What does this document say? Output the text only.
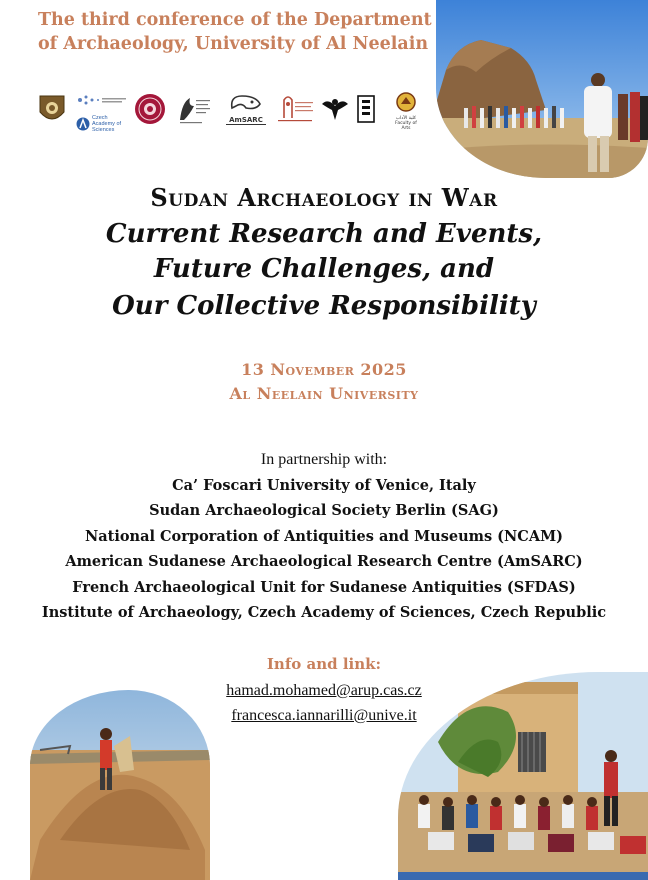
The third conference of the Department of Archaeology, University of Al Neelain
Czech Academy of Sciences
AmSARC	كلية الآداب Faculty of Arts
Sudan Archaeology in War
Current Research and Events,
Future Challenges, and
Our Collective Responsibility
13 November 2025
Al Neelain University
In partnership with:
Ca’ Foscari University of Venice, Italy
Sudan Archaeological Society Berlin (SAG)
National Corporation of Antiquities and Museums (NCAM)
American Sudanese Archaeological Research Centre (AmSARC)
French Archaeological Unit for Sudanese Antiquities (SFDAS)
Institute of Archaeology, Czech Academy of Sciences, Czech Republic
Info and link:
hamad.mohamed@arup.cas.cz
francesca.iannarilli@unive.it
